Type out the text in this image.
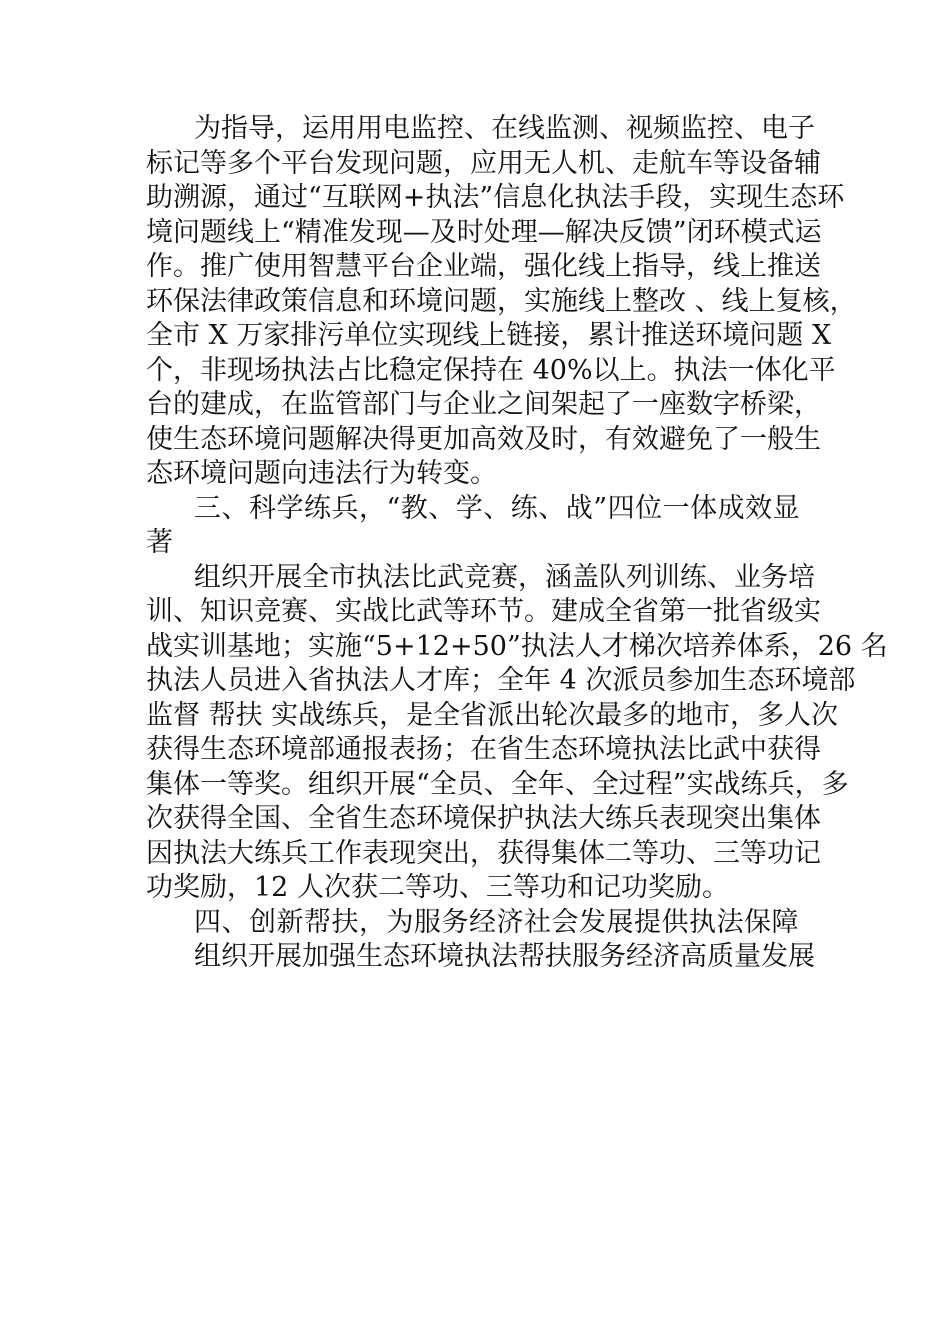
为指导，运用用电监控、在线监测、视频监控、电子
标记等多个平台发现问题，应用无人机、走航车等设备辅
助溯源，通过“互联网+执法”信息化执法手段，实现生态环
境问题线上“精准发现—及时处理—解决反馈”闭环模式运
作。推广使用智慧平台企业端，强化线上指导，线上推送
环保法律政策信息和环境问题，实施线上整改 、线上复核，
全市 X 万家排污单位实现线上链接，累计推送环境问题 X
个，非现场执法占比稳定保持在 40%以上。执法一体化平
台的建成，在监管部门与企业之间架起了一座数字桥梁，
使生态环境问题解决得更加高效及时，有效避免了一般生
态环境问题向违法行为转变。
三、科学练兵，“教、学、练、战”四位一体成效显
著
组织开展全市执法比武竞赛，涵盖队列训练、业务培
训、知识竞赛、实战比武等环节。建成全省第一批省级实
战实训基地；实施“5+12+50”执法人才梯次培养体系，26 名
执法人员进入省执法人才库；全年 4 次派员参加生态环境部
监督 帮扶 实战练兵，是全省派出轮次最多的地市，多人次
获得生态环境部通报表扬；在省生态环境执法比武中获得
集体一等奖。组织开展“全员、全年、全过程”实战练兵，多
次获得全国、全省生态环境保护执法大练兵表现突出集体
因执法大练兵工作表现突出，获得集体二等功、三等功记
功奖励，12 人次获二等功、三等功和记功奖励。
四、创新帮扶，为服务经济社会发展提供执法保障
组织开展加强生态环境执法帮扶服务经济高质量发展
